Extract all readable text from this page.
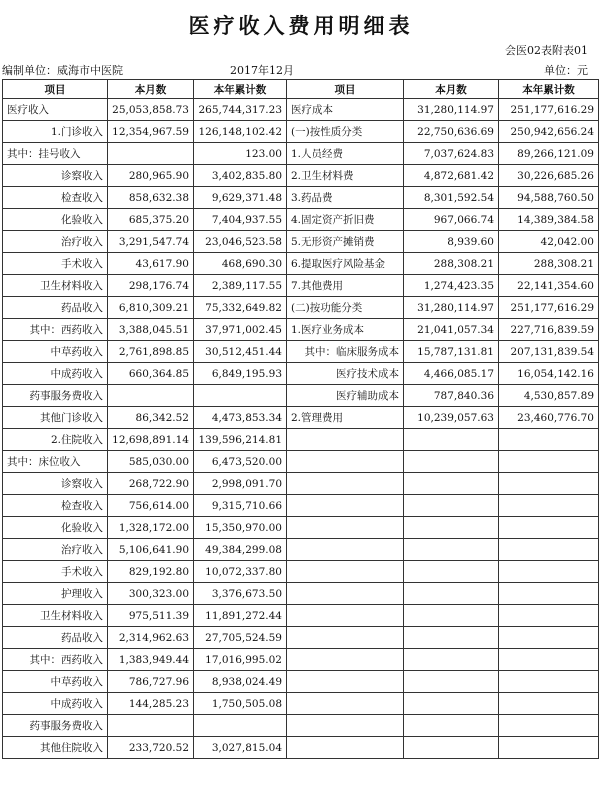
医疗收入费用明细表
会医02表附表01
编制单位：威海市中医院	2017年12月	单位：元
项目	本月数	本年累计数	项目	本月数	本年累计数
医疗收入	25,053,858.73	265,744,317.23	医疗成本	31,280,114.97	251,177,616.29
1.门诊收入	12,354,967.59	126,148,102.42	(一)按性质分类	22,750,636.69	250,942,656.24
其中：挂号收入		123.00	1.人员经费	7,037,624.83	89,266,121.09
诊察收入	280,965.90	3,402,835.80	2.卫生材料费	4,872,681.42	30,226,685.26
检查收入	858,632.38	9,629,371.48	3.药品费	8,301,592.54	94,588,760.50
化验收入	685,375.20	7,404,937.55	4.固定资产折旧费	967,066.74	14,389,384.58
治疗收入	3,291,547.74	23,046,523.58	5.无形资产摊销费	8,939.60	42,042.00
手术收入	43,617.90	468,690.30	6.提取医疗风险基金	288,308.21	288,308.21
卫生材料收入	298,176.74	2,389,117.55	7.其他费用	1,274,423.35	22,141,354.60
药品收入	6,810,309.21	75,332,649.82	(二)按功能分类	31,280,114.97	251,177,616.29
其中：西药收入	3,388,045.51	37,971,002.45	1.医疗业务成本	21,041,057.34	227,716,839.59
中草药收入	2,761,898.85	30,512,451.44	其中：临床服务成本	15,787,131.81	207,131,839.54
中成药收入	660,364.85	6,849,195.93	医疗技术成本	4,466,085.17	16,054,142.16
药事服务费收入			医疗辅助成本	787,840.36	4,530,857.89
其他门诊收入	86,342.52	4,473,853.34	2.管理费用	10,239,057.63	23,460,776.70
2.住院收入	12,698,891.14	139,596,214.81			
其中：床位收入	585,030.00	6,473,520.00			
诊察收入	268,722.90	2,998,091.70			
检查收入	756,614.00	9,315,710.66			
化验收入	1,328,172.00	15,350,970.00			
治疗收入	5,106,641.90	49,384,299.08			
手术收入	829,192.80	10,072,337.80			
护理收入	300,323.00	3,376,673.50			
卫生材料收入	975,511.39	11,891,272.44			
药品收入	2,314,962.63	27,705,524.59			
其中：西药收入	1,383,949.44	17,016,995.02			
中草药收入	786,727.96	8,938,024.49			
中成药收入	144,285.23	1,750,505.08			
药事服务费收入					
其他住院收入	233,720.52	3,027,815.04			
